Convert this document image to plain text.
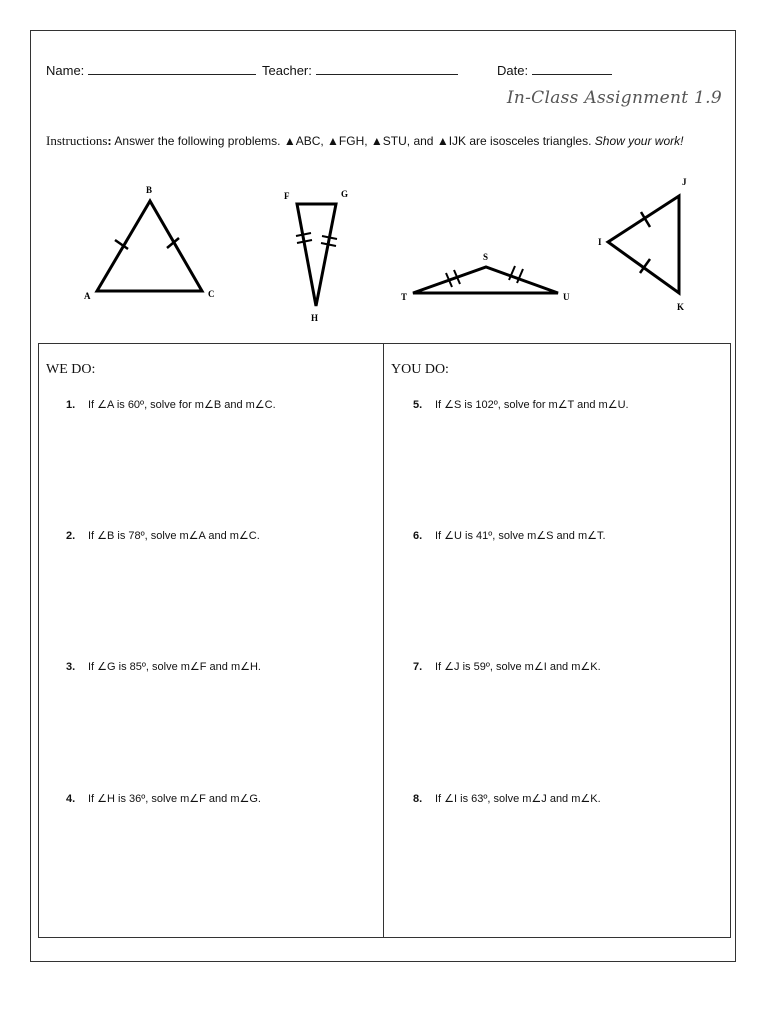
Name:	Teacher:	Date:
In-Class Assignment 1.9
Instructions: Answer the following problems. ▲ABC, ▲FGH, ▲STU, and ▲IJK are isosceles triangles. Show your work!
A
B
C
F	G
H
S
T	U
I
J
K
WE DO:	YOU DO:
1. If ∠A is 60º, solve for m∠B and m∠C.
2. If ∠B is 78º, solve m∠A and m∠C.
3. If ∠G is 85º, solve m∠F and m∠H.
4. If ∠H is 36º, solve m∠F and m∠G.
5. If ∠S is 102º, solve for m∠T and m∠U.
6. If ∠U is 41º, solve m∠S and m∠T.
7. If ∠J is 59º, solve m∠I and m∠K.
8. If ∠I is 63º, solve m∠J and m∠K.
